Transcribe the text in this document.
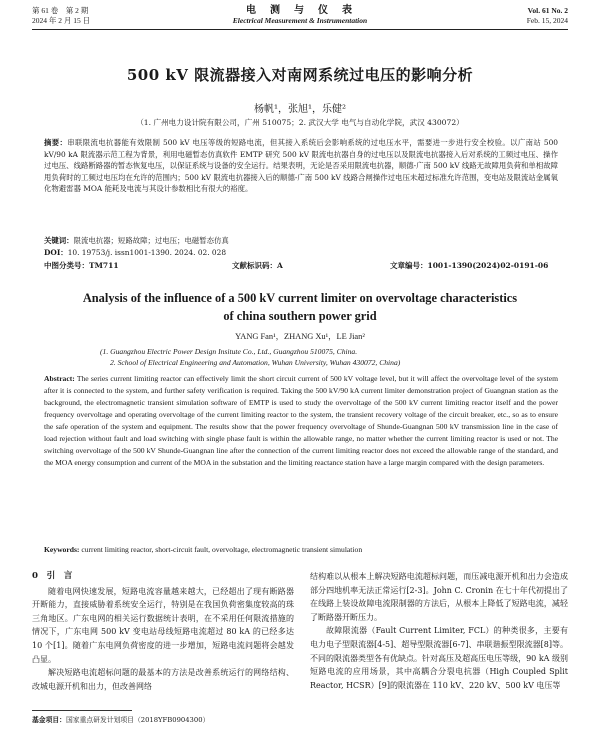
第 61 卷　第 2 期
2024 年 2 月 15 日
电　测　与　仪　表
Electrical Measurement & Instrumentation
Vol. 61 No. 2
Feb. 15, 2024
500 kV 限流器接入对南网系统过电压的影响分析
杨帆¹，张旭¹，乐健²
（1. 广州电力设计院有限公司，广州 510075；2. 武汉大学 电气与自动化学院，武汉 430072）
摘要：串联限流电抗器能有效限制 500 kV 电压等级的短路电流，但其接入系统后会影响系统的过电压水平，需要进一步进行安全校验。以广南站 500 kV/90 kA 限流器示范工程为背景，利用电磁暂态仿真软件 EMTP 研究 500 kV 限流电抗器自身的过电压以及限流电抗器接入后对系统的工频过电压、操作过电压、线路断路器的暂态恢复电压，以保证系统与设备的安全运行。结果表明，无论是否采用限流电抗器，顺德-广南 500 kV 线路无故障甩负荷和单相故障甩负荷时的工频过电压均在允许的范围内；500 kV 限流电抗器接入后的顺德-广南 500 kV 线路合闸操作过电压未超过标准允许范围，变电站及限流站金属氧化物避雷器 MOA 能耗及电流与其设计参数相比有很大的裕度。
关键词：限流电抗器；短路故障；过电压；电磁暂态仿真
DOI：10. 19753/j. issn1001-1390. 2024. 02. 028
中图分类号：TM711	文献标识码：A	文章编号：1001-1390(2024)02-0191-06
Analysis of the influence of a 500 kV current limiter on overvoltage characteristics
of china southern power grid
YANG Fan¹，ZHANG Xu¹，LE Jian²
(1. Guangzhou Electric Power Design Insitute Co., Ltd., Guangzhou 510075, China.
2. School of Electrical Engineering and Automation, Wuhan University, Wuhan 430072, China)
Abstract: The series current limiting reactor can effectively limit the short circuit current of 500 kV voltage level, but it will affect the overvoltage level of the system after it is connected to the system, and further safety verification is required. Taking the 500 kV/90 kA current limiter demonstration project of Guangnan station as the background, the electromagnetic transient simulation software of EMTP is used to study the overvoltage of the 500 kV current limiting reactor itself and the power frequency overvoltage and operating overvoltage of the current limiting reactor to the system, the transient recovery voltage of the circuit breaker, etc., so as to ensure the safe operation of the system and equipment. The results show that the power frequency overvoltage of Shunde-Guangnan 500 kV transmission line in the case of load rejection without fault and load switching with single phase fault is within the allowable range, no matter whether the current limiting reactor is used or not. The switching overvoltage of the 500 kV Shunde-Guangnan line after the connection of the current limiting reactor does not exceed the allowable range of the standard, and the MOA energy consumption and current of the MOA in the substation and the limiting reactance station have a large margin compared with the design parameters.
Keywords: current limiting reactor, short-circuit fault, overvoltage, electromagnetic transient simulation
0　引　言

随着电网快速发展，短路电流容量越来越大，已经超出了现有断路器开断能力，直接威胁着系统安全运行，特别是在我国负荷密集度较高的珠三角地区。广东电网的相关运行数据统计表明，在不采用任何限流措施的情况下，广东电网 500 kV 变电站母线短路电流超过 80 kA 的已经多达 10 个[1]。随着广东电网负荷密度的进一步增加，短路电流问题将会越发凸显。

解决短路电流超标问题的最基本的方法是改善系统运行的网络结构、改城电源开机和出力，但改善网络

结构难以从根本上解决短路电流超标问题，而压减电源开机和出力会造成部分四地机率无法正常运行[2-3]。John C. Cronin 在七十年代初提出了在线路上装设故障电流限制器的方法后，从根本上降低了短路电流，减轻了断路器开断压力。

故障限流器（Fault Current Limiter, FCL）的种类很多，主要有电力电子型限流器[4-5]、超导型限流器[6-7]、串联谐振型限流器[8]等。不同的限流器类型各有优缺点。针对高压及超高压电压等级，90 kA 级别短路电流的应用场景，其中高耦合分裂电抗器（High Coupled Split Reactor, HCSR）[9]的限流器在 110 kV、220 kV、500 kV 电压等

基金项目：国家重点研发计划项目（2018YFB0904300）
